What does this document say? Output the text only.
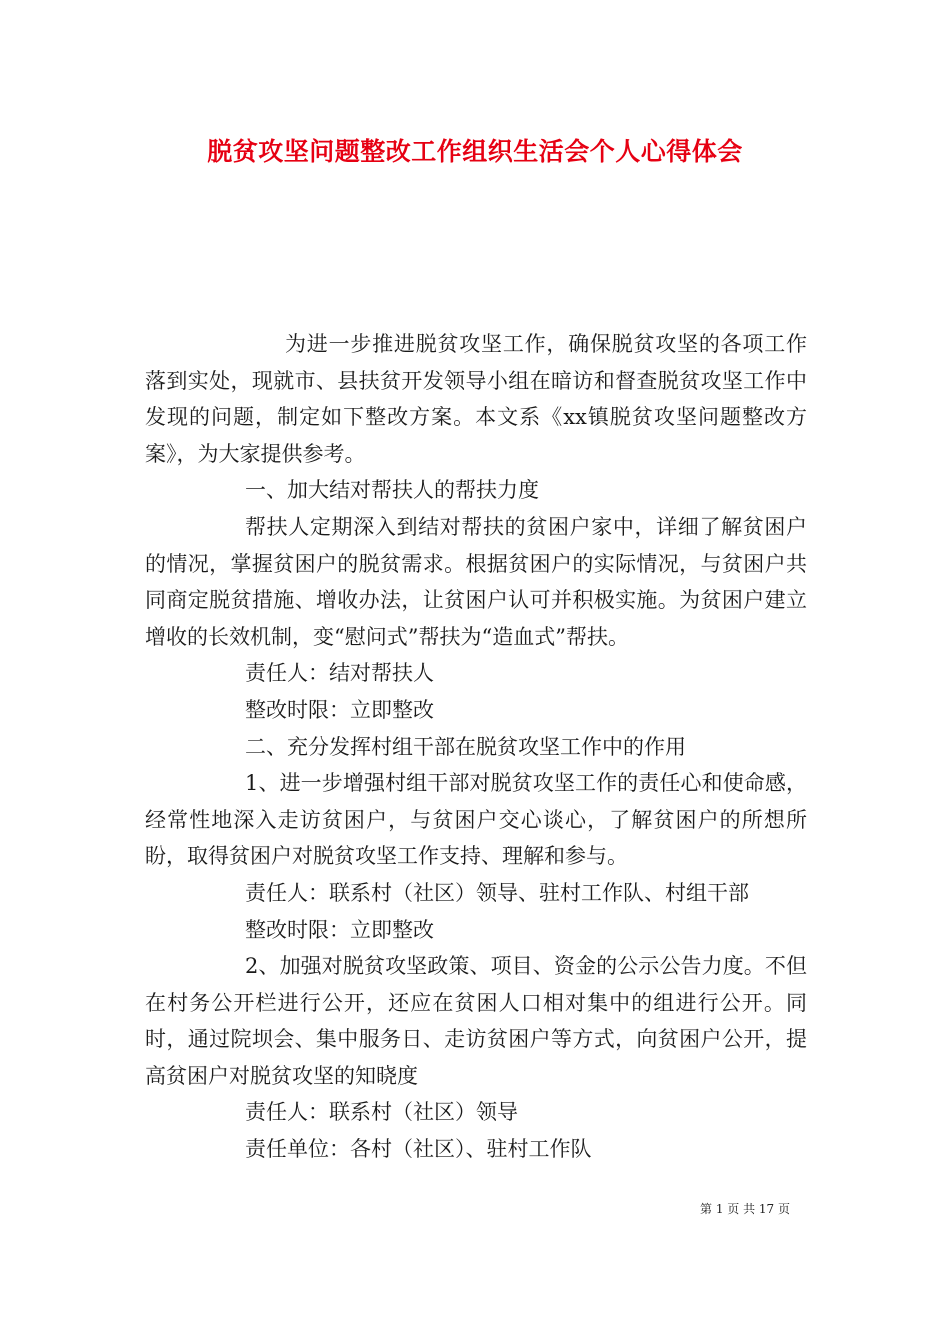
脱贫攻坚问题整改工作组织生活会个人心得体会

为进一步推进脱贫攻坚工作，确保脱贫攻坚的各项工作落到实处，现就市、县扶贫开发领导小组在暗访和督查脱贫攻坚工作中发现的问题，制定如下整改方案。本文系《xx镇脱贫攻坚问题整改方案》，为大家提供参考。

一、加大结对帮扶人的帮扶力度

帮扶人定期深入到结对帮扶的贫困户家中，详细了解贫困户的情况，掌握贫困户的脱贫需求。根据贫困户的实际情况，与贫困户共同商定脱贫措施、增收办法，让贫困户认可并积极实施。为贫困户建立增收的长效机制，变“慰问式”帮扶为“造血式”帮扶。

责任人：结对帮扶人

整改时限：立即整改

二、充分发挥村组干部在脱贫攻坚工作中的作用

1、进一步增强村组干部对脱贫攻坚工作的责任心和使命感，经常性地深入走访贫困户，与贫困户交心谈心，了解贫困户的所想所盼，取得贫困户对脱贫攻坚工作支持、理解和参与。

责任人：联系村（社区）领导、驻村工作队、村组干部

整改时限：立即整改

2、加强对脱贫攻坚政策、项目、资金的公示公告力度。不但在村务公开栏进行公开，还应在贫困人口相对集中的组进行公开。同时，通过院坝会、集中服务日、走访贫困户等方式，向贫困户公开，提高贫困户对脱贫攻坚的知晓度

责任人：联系村（社区）领导

责任单位：各村（社区）、驻村工作队

第 1 页 共 17 页
